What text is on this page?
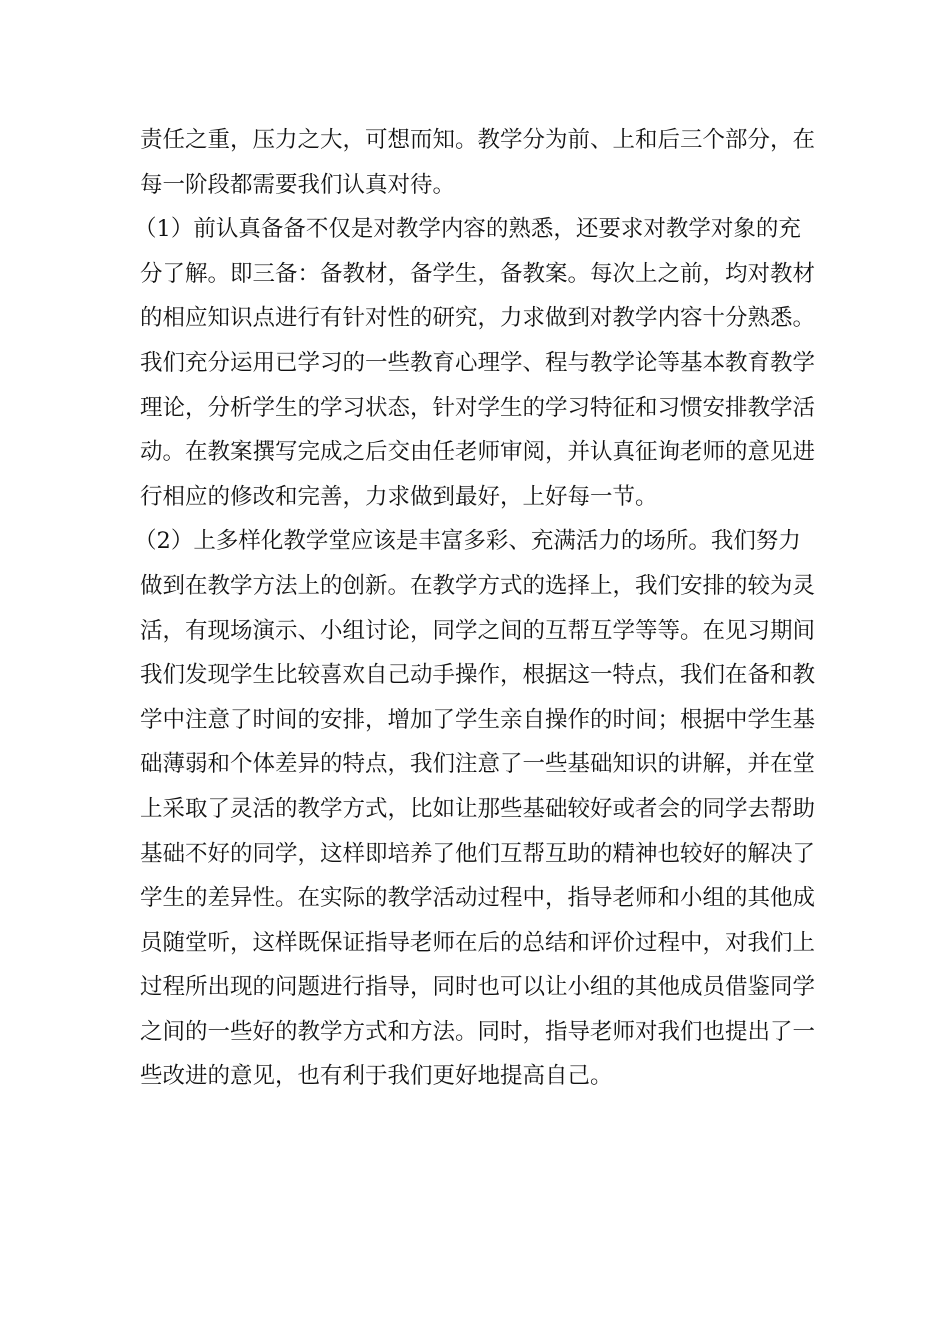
责任之重，压力之大，可想而知。教学分为前、上和后三个部分，在
每一阶段都需要我们认真对待。
（1）前认真备备不仅是对教学内容的熟悉，还要求对教学对象的充
分了解。即三备：备教材，备学生，备教案。每次上之前，均对教材
的相应知识点进行有针对性的研究，力求做到对教学内容十分熟悉。
我们充分运用已学习的一些教育心理学、程与教学论等基本教育教学
理论，分析学生的学习状态，针对学生的学习特征和习惯安排教学活
动。在教案撰写完成之后交由任老师审阅，并认真征询老师的意见进
行相应的修改和完善，力求做到最好，上好每一节。
（2）上多样化教学堂应该是丰富多彩、充满活力的场所。我们努力
做到在教学方法上的创新。在教学方式的选择上，我们安排的较为灵
活，有现场演示、小组讨论，同学之间的互帮互学等等。在见习期间
我们发现学生比较喜欢自己动手操作，根据这一特点，我们在备和教
学中注意了时间的安排，增加了学生亲自操作的时间；根据中学生基
础薄弱和个体差异的特点，我们注意了一些基础知识的讲解，并在堂
上采取了灵活的教学方式，比如让那些基础较好或者会的同学去帮助
基础不好的同学，这样即培养了他们互帮互助的精神也较好的解决了
学生的差异性。在实际的教学活动过程中，指导老师和小组的其他成
员随堂听，这样既保证指导老师在后的总结和评价过程中，对我们上
过程所出现的问题进行指导，同时也可以让小组的其他成员借鉴同学
之间的一些好的教学方式和方法。同时，指导老师对我们也提出了一
些改进的意见，也有利于我们更好地提高自己。
